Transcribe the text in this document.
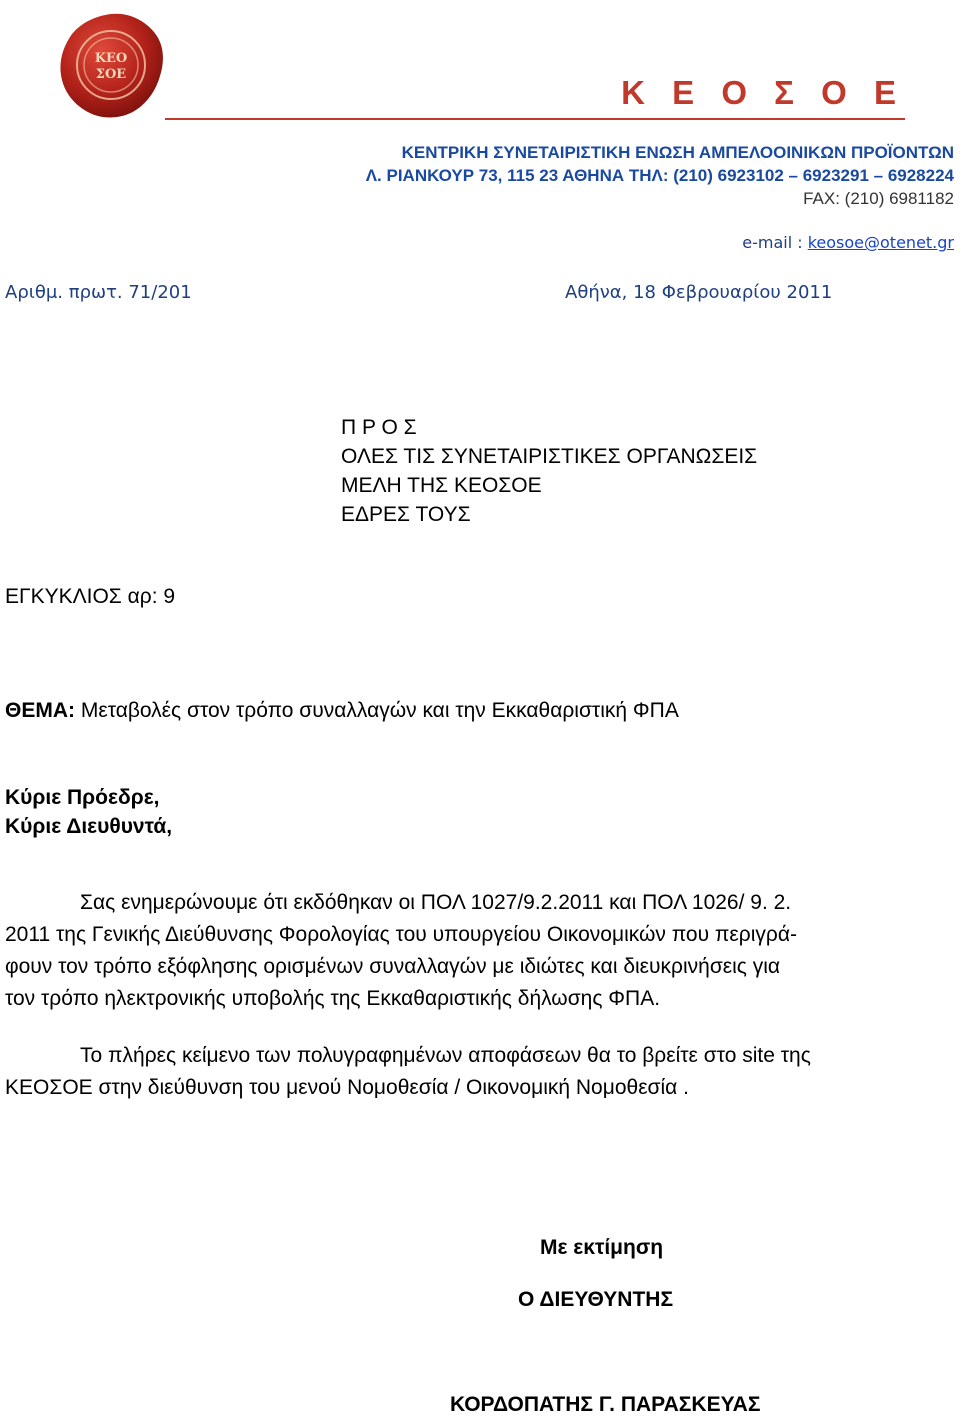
ΚΕΟ
ΣΟΕ	Κ Ε Ο Σ Ο Ε
ΚΕΝΤΡΙΚΗ ΣΥΝΕΤΑΙΡΙΣΤΙΚΗ ΕΝΩΣΗ ΑΜΠΕΛΟΟΙΝΙΚΩΝ ΠΡΟΪΟΝΤΩΝ
Λ. ΡΙΑΝΚΟΥΡ 73, 115 23 ΑΘΗΝΑ ΤΗΛ: (210) 6923102 – 6923291 – 6928224
FAX: (210) 6981182
e-mail : keosoe@otenet.gr
Αριθμ. πρωτ. 71/201	Αθήνα, 18 Φεβρουαρίου 2011
Π Ρ Ο Σ
ΟΛΕΣ ΤΙΣ ΣΥΝΕΤΑΙΡΙΣΤΙΚΕΣ ΟΡΓΑΝΩΣΕΙΣ
ΜΕΛΗ ΤΗΣ ΚΕΟΣΟΕ
ΕΔΡΕΣ ΤΟΥΣ
ΕΓΚΥΚΛΙΟΣ αρ: 9
ΘΕΜΑ: Μεταβολές στον τρόπο συναλλαγών και την Εκκαθαριστική ΦΠΑ
Κύριε Πρόεδρε,
Κύριε Διευθυντά,
Σας ενημερώνουμε ότι εκδόθηκαν οι ΠΟΛ 1027/9.2.2011 και ΠΟΛ 1026/ 9. 2.
2011 της Γενικής Διεύθυνσης Φορολογίας του υπουργείου Οικονομικών που περιγρά-
φουν τον τρόπο εξόφλησης ορισμένων συναλλαγών με ιδιώτες και διευκρινήσεις για
τον τρόπο ηλεκτρονικής υποβολής της Εκκαθαριστικής δήλωσης ΦΠΑ.
Το πλήρες κείμενο των πολυγραφημένων αποφάσεων θα το βρείτε στο site της
ΚΕΟΣΟΕ στην διεύθυνση του μενού Νομοθεσία / Οικονομική Νομοθεσία .
Με εκτίμηση
Ο ΔΙΕΥΘΥΝΤΗΣ
ΚΟΡΔΟΠΑΤΗΣ Γ. ΠΑΡΑΣΚΕΥΑΣ
